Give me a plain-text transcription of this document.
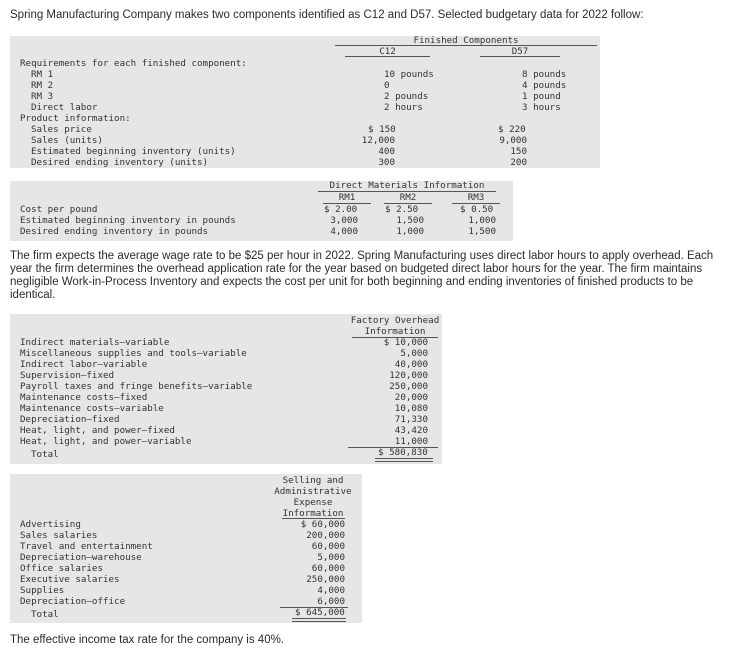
Spring Manufacturing Company makes two components identified as C12 and D57. Selected budgetary data for 2022 follow:
Finished Components
C12	D57
Requirements for each finished component:
RM 1	10 pounds	8 pounds
RM 2	0	4 pounds
RM 3	2 pounds	1 pound
Direct labor	2 hours	3 hours
Product information:
Sales price	$ 150	$ 220
Sales (units)	12,000	9,000
Estimated beginning inventory (units)	400	150
Desired ending inventory (units)	300	200
Direct Materials Information
RM1	RM2	RM3
Cost per pound	$ 2.00	$ 2.50	$ 0.50
Estimated beginning inventory in pounds	3,000	1,500	1,000
Desired ending inventory in pounds	4,000	1,000	1,500
The firm expects the average wage rate to be $25 per hour in 2022. Spring Manufacturing uses direct labor hours to apply overhead. Each year the firm determines the overhead application rate for the year based on budgeted direct labor hours for the year. The firm maintains negligible Work-in-Process Inventory and expects the cost per unit for both beginning and ending inventories of finished products to be identical.
Factory Overhead
Information
Indirect materials–variable	$ 10,000
Miscellaneous supplies and tools–variable	5,000
Indirect labor–variable	40,000
Supervision–fixed	120,000
Payroll taxes and fringe benefits–variable	250,000
Maintenance costs–fixed	20,000
Maintenance costs–variable	10,080
Depreciation–fixed	71,330
Heat, light, and power–fixed	43,420
Heat, light, and power–variable	11,000
Total	$ 580,830
Selling and
Administrative
Expense
Information
Advertising	$ 60,000
Sales salaries	200,000
Travel and entertainment	60,000
Depreciation–warehouse	5,000
Office salaries	60,000
Executive salaries	250,000
Supplies	4,000
Depreciation–office	6,000
Total	$ 645,000
The effective income tax rate for the company is 40%.
